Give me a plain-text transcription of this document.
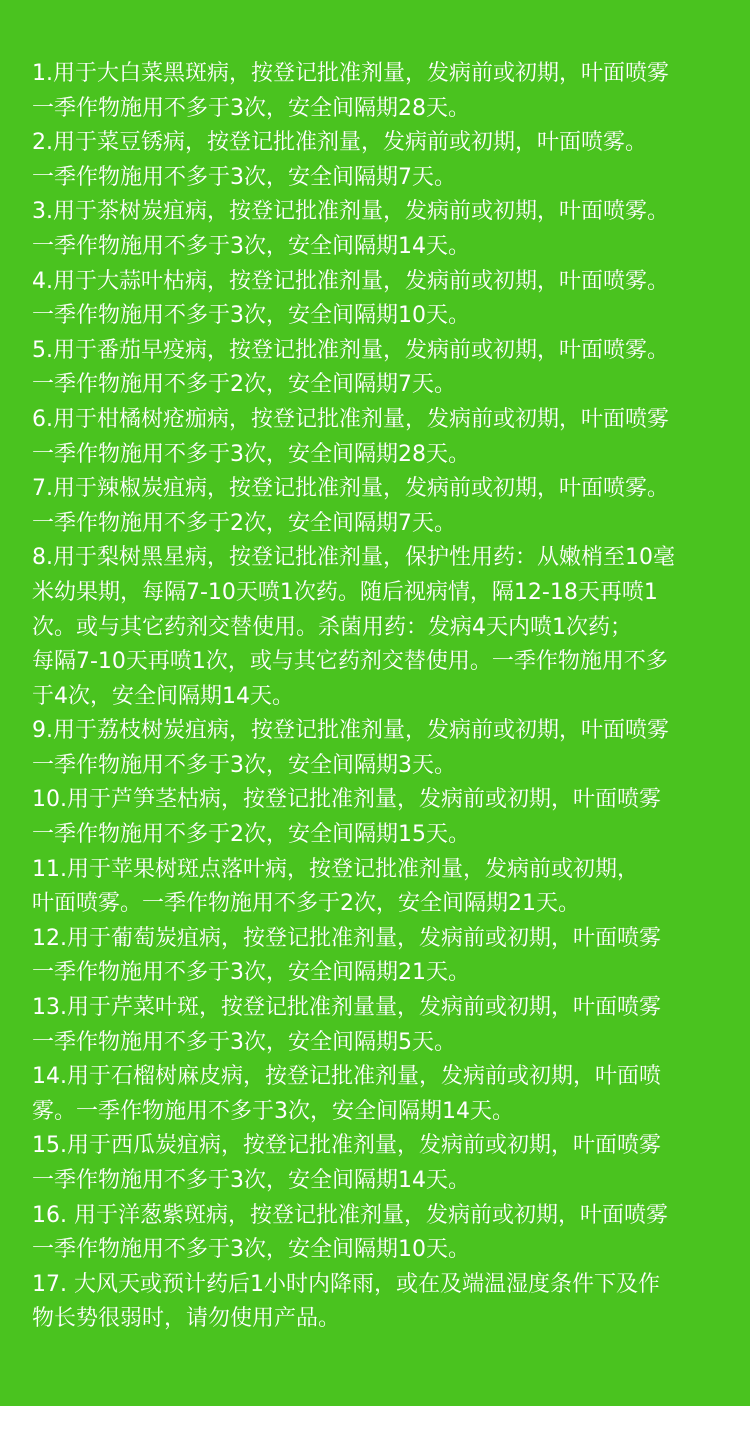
1.用于大白菜黑斑病，按登记批准剂量，发病前或初期，叶面喷雾
一季作物施用不多于3次，安全间隔期28天。
2.用于菜豆锈病，按登记批准剂量，发病前或初期，叶面喷雾。
一季作物施用不多于3次，安全间隔期7天。
3.用于茶树炭疽病，按登记批准剂量，发病前或初期，叶面喷雾。
一季作物施用不多于3次，安全间隔期14天。
4.用于大蒜叶枯病，按登记批准剂量，发病前或初期，叶面喷雾。
一季作物施用不多于3次，安全间隔期10天。
5.用于番茄早疫病，按登记批准剂量，发病前或初期，叶面喷雾。
一季作物施用不多于2次，安全间隔期7天。
6.用于柑橘树疮痂病，按登记批准剂量，发病前或初期，叶面喷雾
一季作物施用不多于3次，安全间隔期28天。
7.用于辣椒炭疽病，按登记批准剂量，发病前或初期，叶面喷雾。
一季作物施用不多于2次，安全间隔期7天。
8.用于梨树黑星病，按登记批准剂量，保护性用药：从嫩梢至10毫
米幼果期，每隔7-10天喷1次药。随后视病情，隔12-18天再喷1
次。或与其它药剂交替使用。杀菌用药：发病4天内喷1次药；
每隔7-10天再喷1次，或与其它药剂交替使用。一季作物施用不多
于4次，安全间隔期14天。
9.用于荔枝树炭疽病，按登记批准剂量，发病前或初期，叶面喷雾
一季作物施用不多于3次，安全间隔期3天。
10.用于芦笋茎枯病，按登记批准剂量，发病前或初期，叶面喷雾
一季作物施用不多于2次，安全间隔期15天。
11.用于苹果树斑点落叶病，按登记批准剂量，发病前或初期，
叶面喷雾。一季作物施用不多于2次，安全间隔期21天。
12.用于葡萄炭疽病，按登记批准剂量，发病前或初期，叶面喷雾
一季作物施用不多于3次，安全间隔期21天。
13.用于芹菜叶斑，按登记批准剂量量，发病前或初期，叶面喷雾
一季作物施用不多于3次，安全间隔期5天。
14.用于石榴树麻皮病，按登记批准剂量，发病前或初期，叶面喷
雾。一季作物施用不多于3次，安全间隔期14天。
15.用于西瓜炭疽病，按登记批准剂量，发病前或初期，叶面喷雾
一季作物施用不多于3次，安全间隔期14天。
16. 用于洋葱紫斑病，按登记批准剂量，发病前或初期，叶面喷雾
一季作物施用不多于3次，安全间隔期10天。
17. 大风天或预计药后1小时内降雨，或在及端温湿度条件下及作
物长势很弱时，请勿使用产品。
